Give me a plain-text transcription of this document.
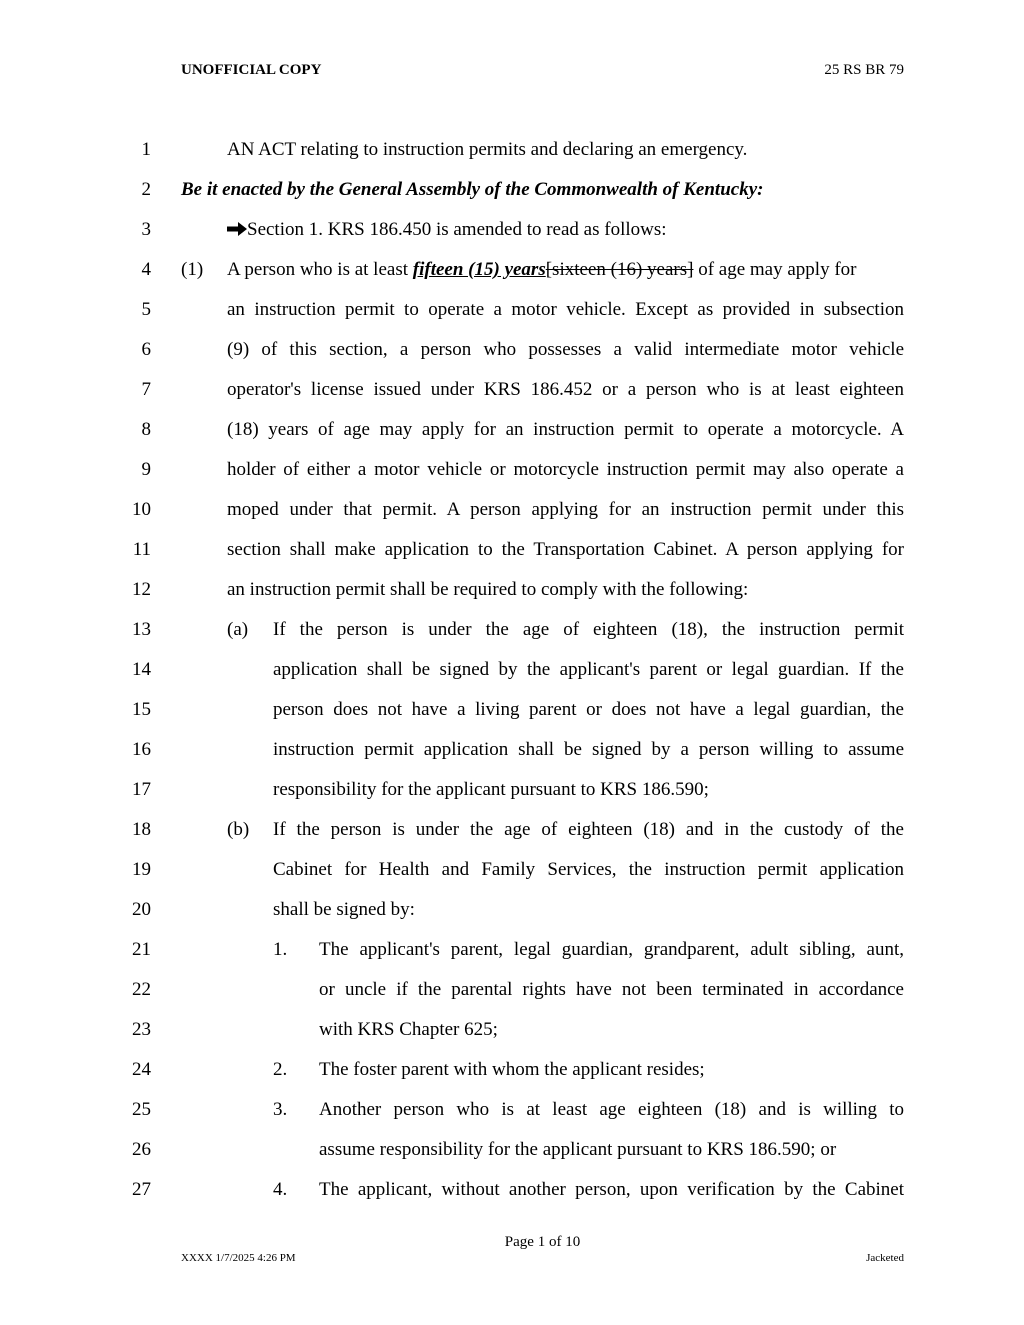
UNOFFICIAL COPY	25 RS BR 79
1	AN ACT relating to instruction permits and declaring an emergency.
2 Be it enacted by the General Assembly of the Commonwealth of Kentucky:
3	Section 1. KRS 186.450 is amended to read as follows:
4 (1) A person who is at least fifteen (15) years[sixteen (16) years] of age may apply for
5	an instruction permit to operate a motor vehicle. Except as provided in subsection
6	(9) of this section, a person who possesses a valid intermediate motor vehicle
7	operator's license issued under KRS 186.452 or a person who is at least eighteen
8	(18) years of age may apply for an instruction permit to operate a motorcycle. A
9	holder of either a motor vehicle or motorcycle instruction permit may also operate a
10	moped under that permit. A person applying for an instruction permit under this
11	section shall make application to the Transportation Cabinet. A person applying for
12	an instruction permit shall be required to comply with the following:
13	(a) If the person is under the age of eighteen (18), the instruction permit
14	application shall be signed by the applicant's parent or legal guardian. If the
15	person does not have a living parent or does not have a legal guardian, the
16	instruction permit application shall be signed by a person willing to assume
17	responsibility for the applicant pursuant to KRS 186.590;
18	(b) If the person is under the age of eighteen (18) and in the custody of the
19	Cabinet for Health and Family Services, the instruction permit application
20	shall be signed by:
21	1. The applicant's parent, legal guardian, grandparent, adult sibling, aunt,
22	or uncle if the parental rights have not been terminated in accordance
23	with KRS Chapter 625;
24	2. The foster parent with whom the applicant resides;
25	3. Another person who is at least age eighteen (18) and is willing to
26	assume responsibility for the applicant pursuant to KRS 186.590; or
27	4. The applicant, without another person, upon verification by the Cabinet
Page 1 of 10
XXXX 1/7/2025 4:26 PM	Jacketed
